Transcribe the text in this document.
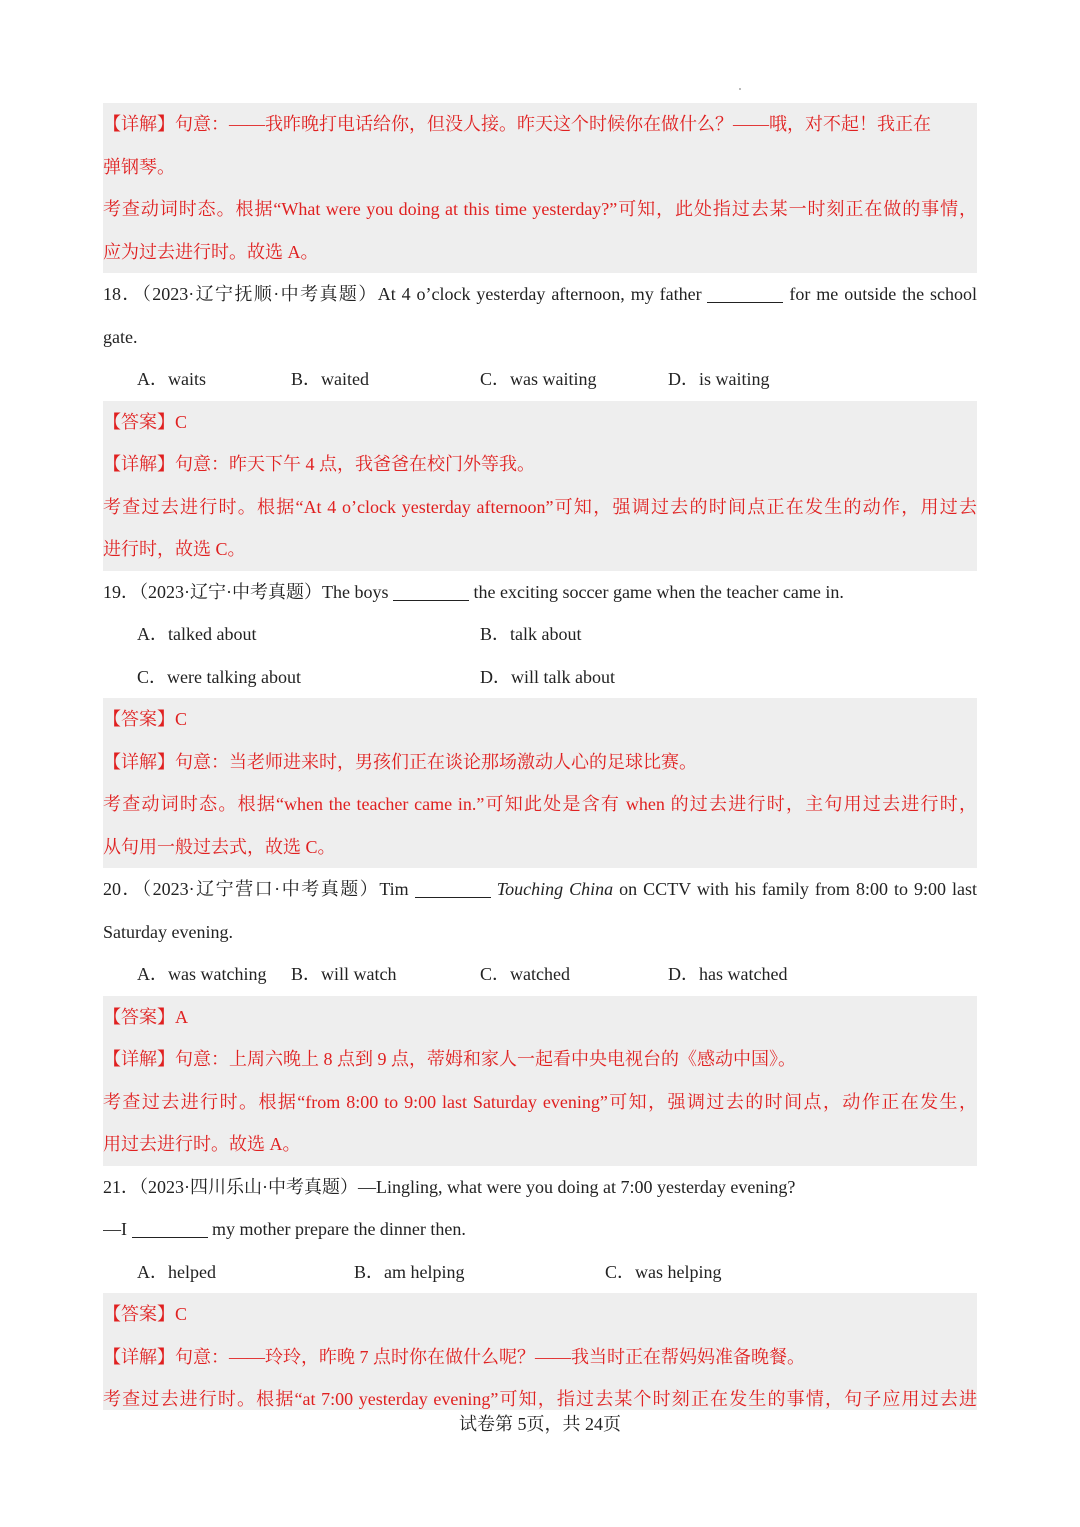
【详解】句意：——我昨晚打电话给你，但没人接。昨天这个时候你在做什么？——哦，对不起！我正在
弹钢琴。
考查动词时态。根据“What were you doing at this time yesterday?”可知，此处指过去某一时刻正在做的事情，
应为过去进行时。故选 A。
18．（2023·辽宁抚顺·中考真题）At 4 o’clock yesterday afternoon, my father	for me outside the school
gate.
A．waits	B．waited	C．was waiting	D．is waiting
【答案】C
【详解】句意：昨天下午 4 点，我爸爸在校门外等我。
考查过去进行时。根据“At 4 o’clock yesterday afternoon”可知，强调过去的时间点正在发生的动作，用过去
进行时，故选 C。
19．（2023·辽宁·中考真题）The boys	the exciting soccer game when the teacher came in.
A．talked about	B．talk about
C．were talking about	D．will talk about
【答案】C
【详解】句意：当老师进来时，男孩们正在谈论那场激动人心的足球比赛。
考查动词时态。根据“when the teacher came in.”可知此处是含有 when 的过去进行时，主句用过去进行时，
从句用一般过去式，故选 C。
20．（2023·辽宁营口·中考真题）Tim	Touching China on CCTV with his family from 8:00 to 9:00 last
Saturday evening.
A．was watching B．will watch	C．watched	D．has watched
【答案】A
【详解】句意：上周六晚上 8 点到 9 点，蒂姆和家人一起看中央电视台的《感动中国》。
考查过去进行时。根据“from 8:00 to 9:00 last Saturday evening”可知，强调过去的时间点，动作正在发生，
用过去进行时。故选 A。
21．（2023·四川乐山·中考真题）—Lingling, what were you doing at 7:00 yesterday evening?
—I	my mother prepare the dinner then.
A．helped	B．am helping	C．was helping
【答案】C
【详解】句意：——玲玲，昨晚 7 点时你在做什么呢？——我当时正在帮妈妈准备晚餐。
考查过去进行时。根据“at 7:00 yesterday evening”可知，指过去某个时刻正在发生的事情，句子应用过去进
试卷第 5页，共 24页
